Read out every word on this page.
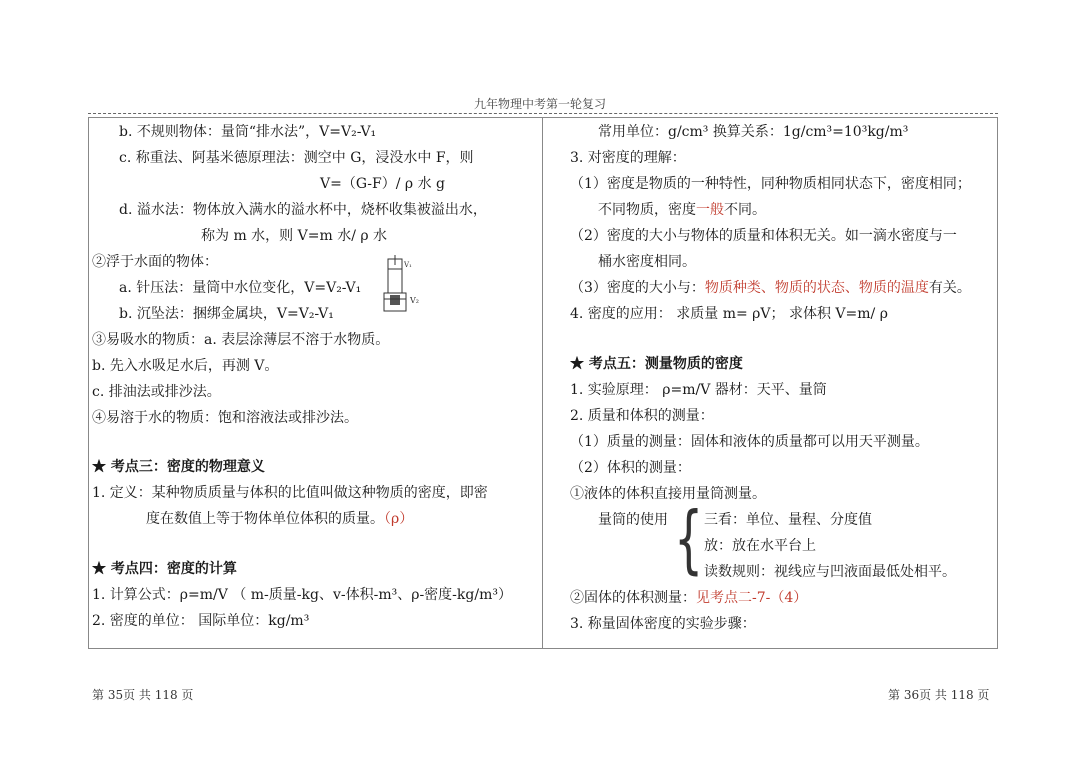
九年物理中考第一轮复习
b. 不规则物体：量筒“排水法”，V=V₂-V₁
c. 称重法、阿基米德原理法：测空中 G，浸没水中 F，则
V=（G-F）/ ρ 水 g
d. 溢水法：物体放入满水的溢水杯中，烧杯收集被溢出水，
称为 m 水，则 V=m 水/ ρ 水
②浮于水面的物体：
a. 针压法：量筒中水位变化，V=V₂-V₁
b. 沉坠法：捆绑金属块，V=V₂-V₁
③易吸水的物质：a. 表层涂薄层不溶于水物质。
b. 先入水吸足水后，再测 V。
c. 排油法或排沙法。
④易溶于水的物质：饱和溶液法或排沙法。
★ 考点三：密度的物理意义
1. 定义：某种物质质量与体积的比值叫做这种物质的密度，即密
度在数值上等于物体单位体积的质量。（ρ）
★ 考点四：密度的计算
1. 计算公式：ρ=m/V （ m-质量-kg、v-体积-m³、ρ-密度-kg/m³）
2. 密度的单位： 国际单位：kg/m³
V₁
V₂
常用单位：g/cm³ 换算关系：1g/cm³=10³kg/m³
3. 对密度的理解：
（1）密度是物质的一种特性，同种物质相同状态下，密度相同；
不同物质，密度一般不同。
（2）密度的大小与物体的质量和体积无关。如一滴水密度与一
桶水密度相同。
（3）密度的大小与：物质种类、物质的状态、物质的温度有关。
4. 密度的应用： 求质量 m= ρV； 求体积 V=m/ ρ
★ 考点五：测量物质的密度
1. 实验原理： ρ=m/V 器材：天平、量筒
2. 质量和体积的测量：
（1）质量的测量：固体和液体的质量都可以用天平测量。
（2）体积的测量：
①液体的体积直接用量筒测量。
量筒的使用 { 三看：单位、量程、分度值
放：放在水平台上
读数规则：视线应与凹液面最低处相平。
②固体的体积测量：见考点二-7-（4）
3. 称量固体密度的实验步骤：
第 35页 共 118 页	第 36页 共 118 页
